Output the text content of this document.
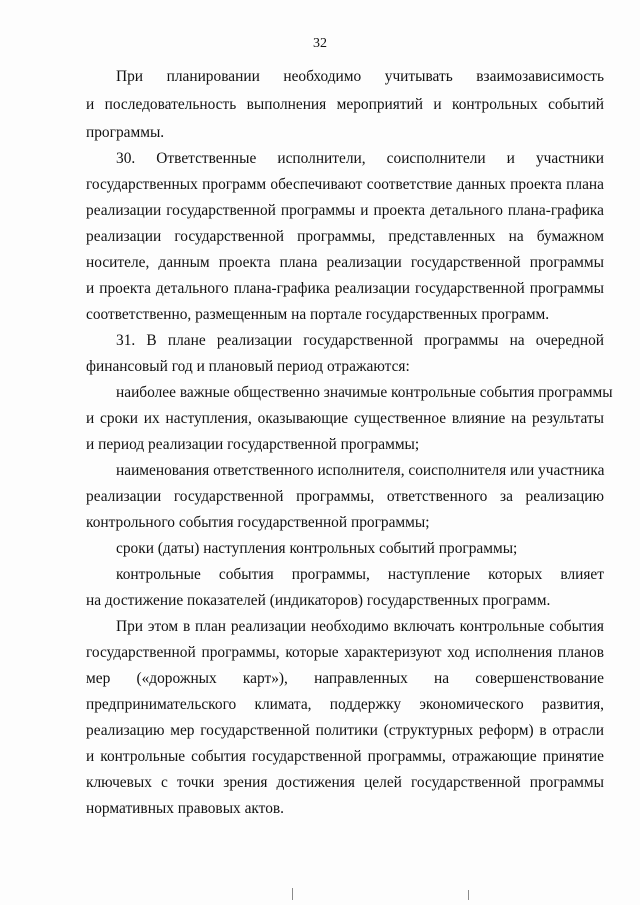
32
При планировании необходимо учитывать взаимозависимость
и последовательность выполнения мероприятий и контрольных событий
программы.
30. Ответственные исполнители, соисполнители и участники
государственных программ обеспечивают соответствие данных проекта плана
реализации государственной программы и проекта детального плана-графика
реализации государственной программы, представленных на бумажном
носителе, данным проекта плана реализации государственной программы
и проекта детального плана-графика реализации государственной программы
соответственно, размещенным на портале государственных программ.
31. В плане реализации государственной программы на очередной
финансовый год и плановый период отражаются:
наиболее важные общественно значимые контрольные события программы
и сроки их наступления, оказывающие существенное влияние на результаты
и период реализации государственной программы;
наименования ответственного исполнителя, соисполнителя или участника
реализации государственной программы, ответственного за реализацию
контрольного события государственной программы;
сроки (даты) наступления контрольных событий программы;
контрольные события программы, наступление которых влияет
на достижение показателей (индикаторов) государственных программ.
При этом в план реализации необходимо включать контрольные события
государственной программы, которые характеризуют ход исполнения планов
мер («дорожных карт»), направленных на совершенствование
предпринимательского климата, поддержку экономического развития,
реализацию мер государственной политики (структурных реформ) в отрасли
и контрольные события государственной программы, отражающие принятие
ключевых с точки зрения достижения целей государственной программы
нормативных правовых актов.
